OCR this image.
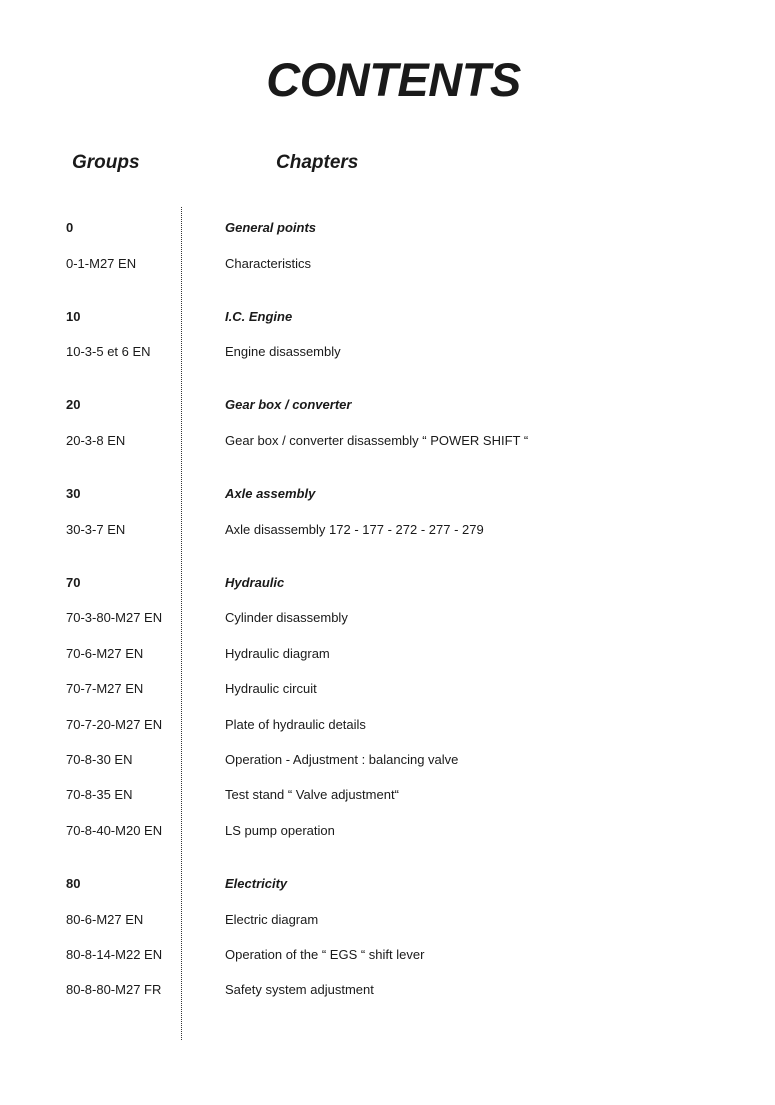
CONTENTS
Groups	Chapters
0	General points
0-1-M27 EN	Characteristics
10	I.C. Engine
10-3-5 et 6 EN	Engine disassembly
20	Gear box / converter
20-3-8 EN	Gear box / converter disassembly “ POWER SHIFT “
30	Axle assembly
30-3-7 EN	Axle disassembly 172 - 177 - 272 - 277 - 279
70	Hydraulic
70-3-80-M27 EN	Cylinder disassembly
70-6-M27 EN	Hydraulic diagram
70-7-M27 EN	Hydraulic circuit
70-7-20-M27 EN	Plate of hydraulic details
70-8-30 EN	Operation - Adjustment : balancing valve
70-8-35 EN	Test stand “ Valve adjustment“
70-8-40-M20 EN	LS pump operation
80	Electricity
80-6-M27 EN	Electric diagram
80-8-14-M22 EN	Operation of the “ EGS “ shift lever
80-8-80-M27 FR	Safety system adjustment
